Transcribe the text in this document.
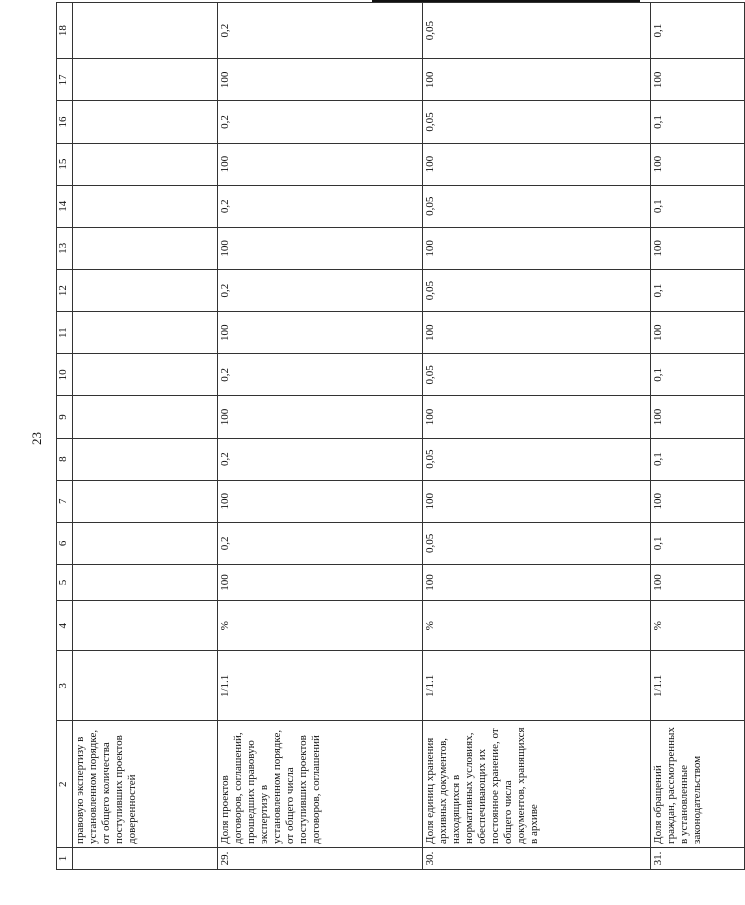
23
1	2	3	4	5	6	7	8	9	10	11	12	13	14	15	16	17	18
	правовую экспертизу в установленном порядке, от общего количества поступивших проектов доверенностей																
29.	Доля проектов договоров, соглашений, прошедших правовую экспертизу в установленном порядке, от общего числа поступивших проектов договоров, соглашений	1/1.1	%	100	0,2	100	0,2	100	0,2	100	0,2	100	0,2	100	0,2	100	0,2
30.	Доля единиц хранения архивных документов, находящихся в нормативных условиях, обеспечивающих их постоянное хранение, от общего числа документов, хранящихся в архиве	1/1.1	%	100	0,05	100	0,05	100	0,05	100	0,05	100	0,05	100	0,05	100	0,05
31.	Доля обращений граждан, рассмотренных в установленные законодательством	1/1.1	%	100	0,1	100	0,1	100	0,1	100	0,1	100	0,1	100	0,1	100	0,1
